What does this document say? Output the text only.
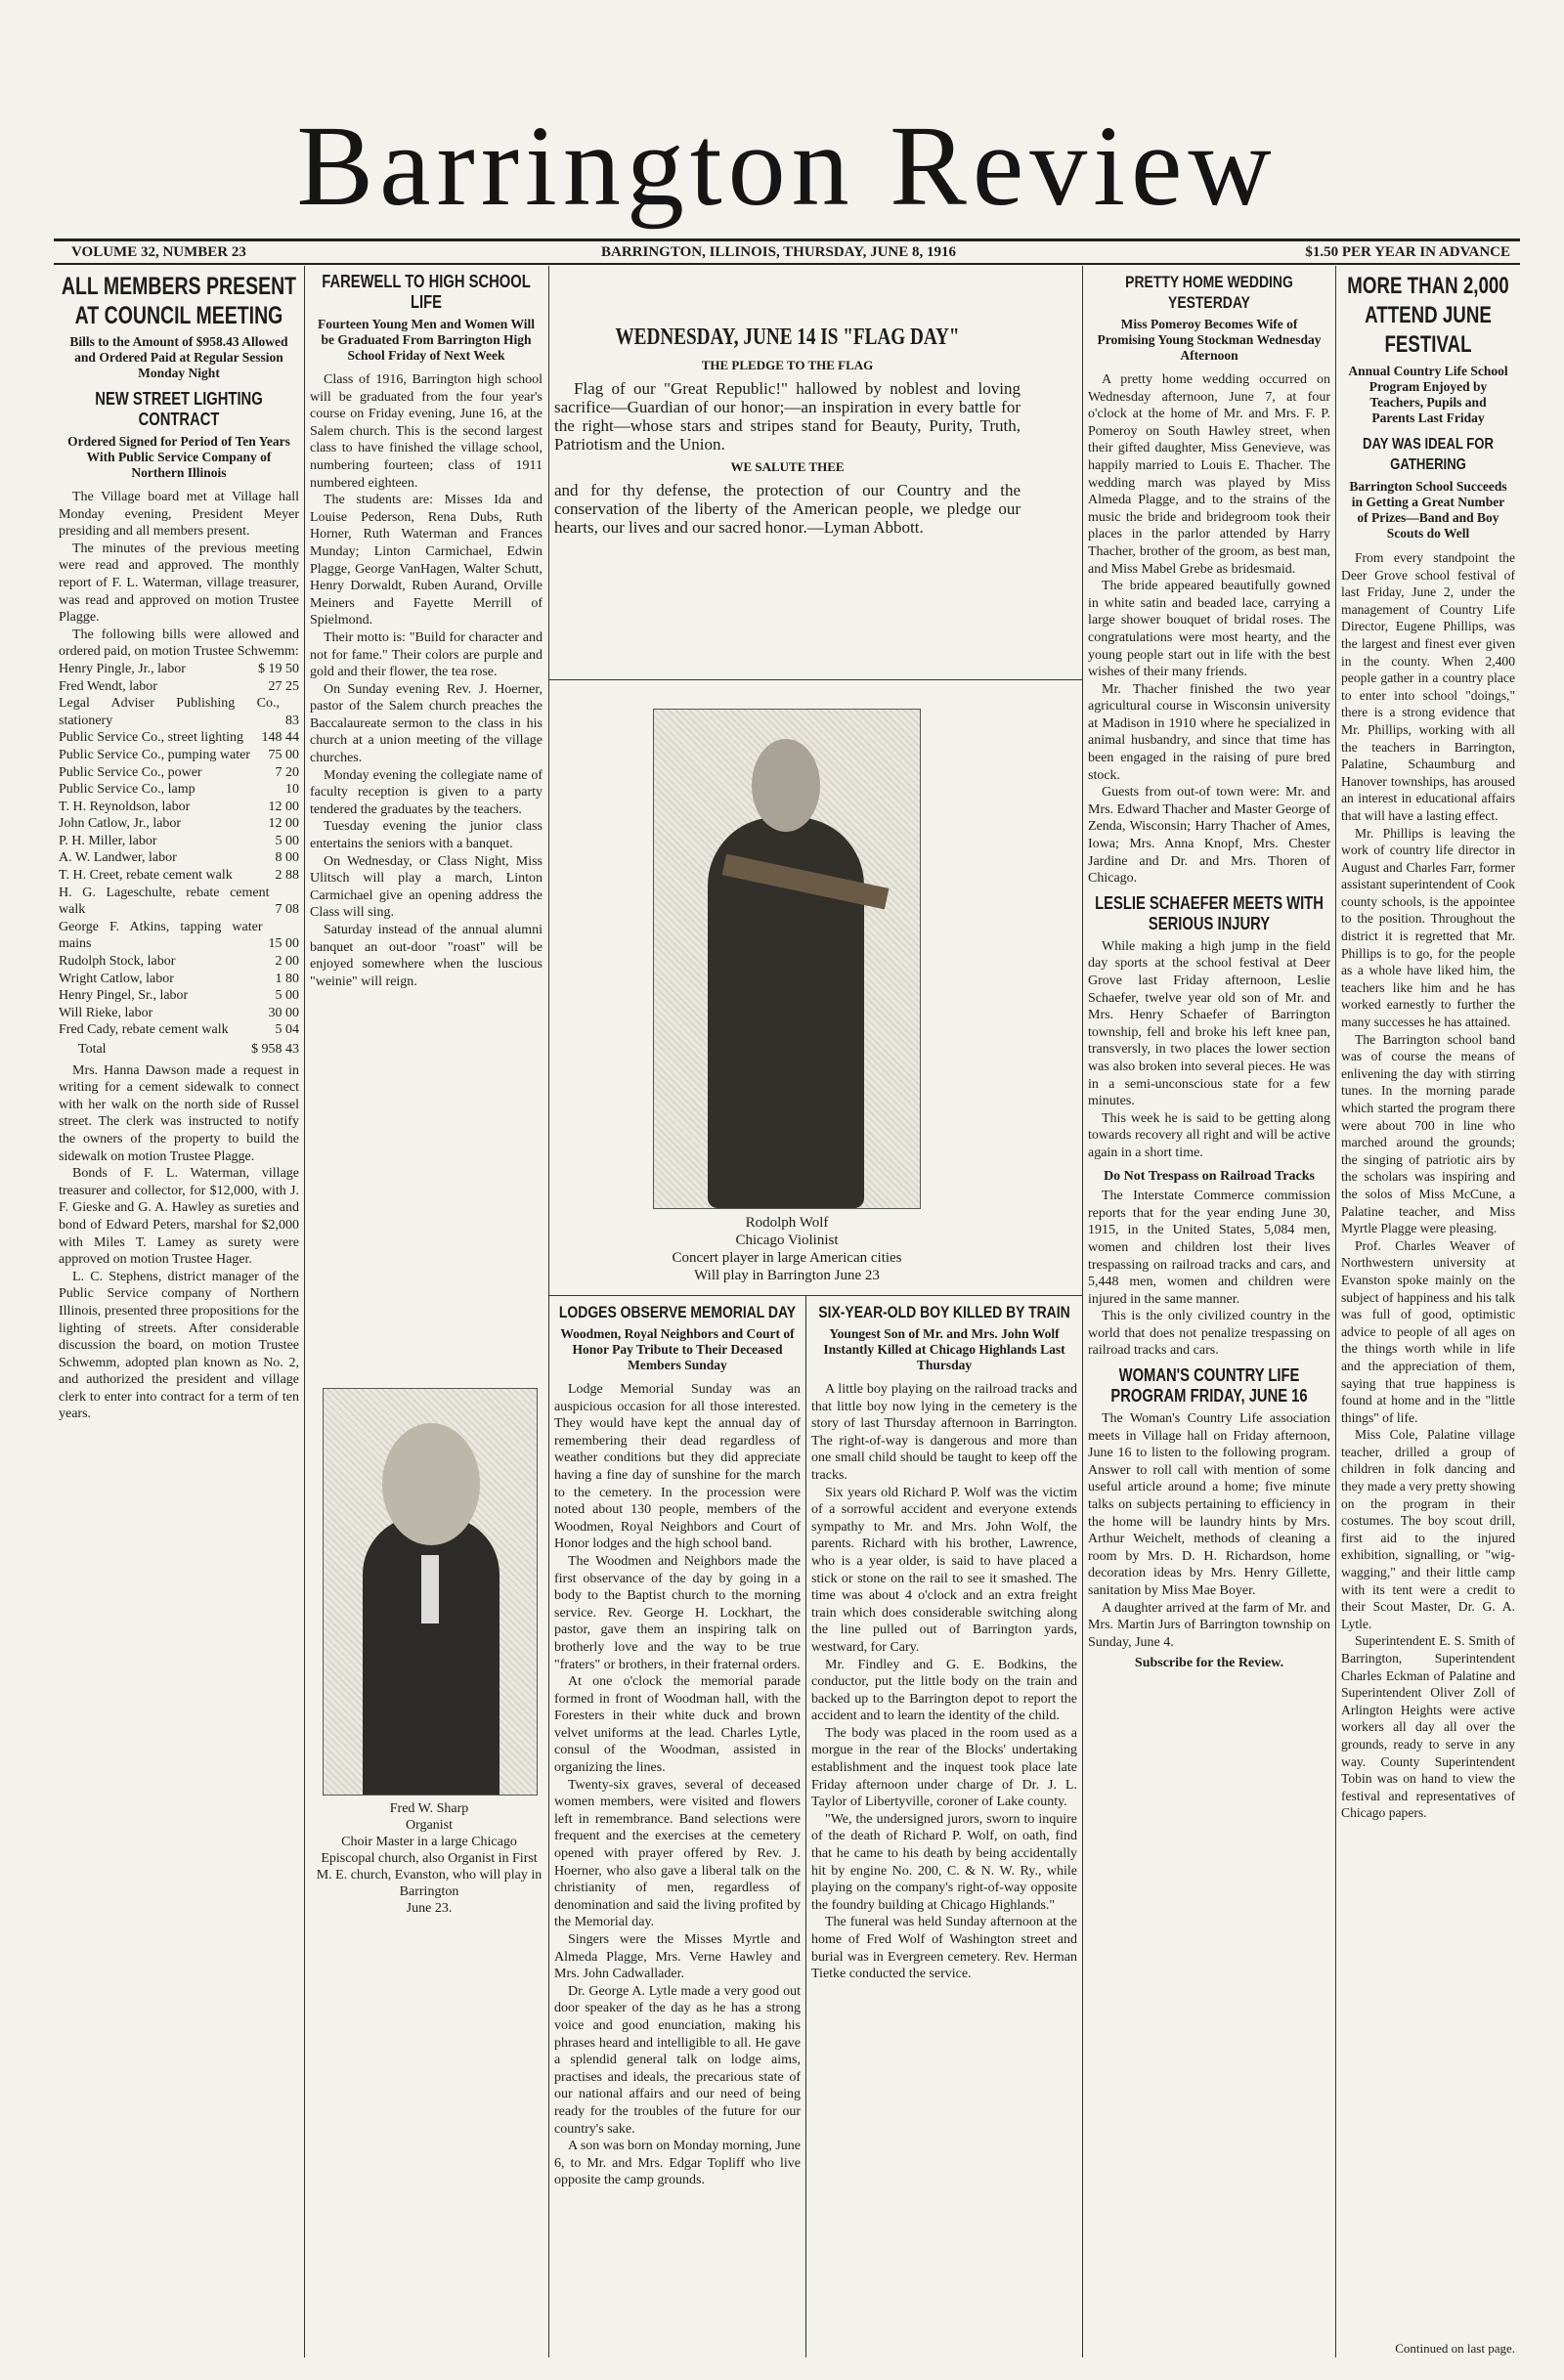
Barrington Review
VOLUME 32, NUMBER 23	BARRINGTON, ILLINOIS, THURSDAY, JUNE 8, 1916	$1.50 PER YEAR IN ADVANCE
ALL MEMBERS PRESENT AT COUNCIL MEETING
Bills to the Amount of $958.43 Allowed and Ordered Paid at Regular Session Monday Night
NEW STREET LIGHTING CONTRACT
Ordered Signed for Period of Ten Years With Public Service Company of Northern Illinois

The Village board met at Village hall Monday evening, President Meyer presiding and all members present.

The minutes of the previous meeting were read and approved. The monthly report of F. L. Waterman, village treasurer, was read and approved on motion Trustee Plagge.

The following bills were allowed and ordered paid, on motion Trustee Schwemm:

Henry Pingle, Jr., labor	$ 19 50
Fred Wendt, labor	27 25
Legal Adviser Publishing Co., stationery	83
Public Service Co., street lighting	148 44
Public Service Co., pumping water	75 00
Public Service Co., power	7 20
Public Service Co., lamp	10
T. H. Reynoldson, labor	12 00
John Catlow, Jr., labor	12 00
P. H. Miller, labor	5 00
A. W. Landwer, labor	8 00
T. H. Creet, rebate cement walk	2 88
H. G. Lageschulte, rebate cement walk	7 08
George F. Atkins, tapping water mains	15 00
Rudolph Stock, labor	2 00
Wright Catlow, labor	1 80
Henry Pingel, Sr., labor	5 00
Will Rieke, labor	30 00
Fred Cady, rebate cement walk	5 04
Total	$ 958 43

Mrs. Hanna Dawson made a request in writing for a cement sidewalk to connect with her walk on the north side of Russel street. The clerk was instructed to notify the owners of the property to build the sidewalk on motion Trustee Plagge.

Bonds of F. L. Waterman, village treasurer and collector, for $12,000, with J. F. Gieske and G. A. Hawley as sureties and bond of Edward Peters, marshal for $2,000 with Miles T. Lamey as surety were approved on motion Trustee Hager.

L. C. Stephens, district manager of the Public Service company of Northern Illinois, presented three propositions for the lighting of streets. After considerable discussion the board, on motion Trustee Schwemm, adopted plan known as No. 2, and authorized the president and village clerk to enter into contract for a term of ten years.

FAREWELL TO HIGH SCHOOL LIFE
Fourteen Young Men and Women Will be Graduated From Barrington High School Friday of Next Week

Class of 1916, Barrington high school will be graduated from the four year's course on Friday evening, June 16, at the Salem church. This is the second largest class to have finished the village school, numbering fourteen; class of 1911 numbered eighteen.

The students are: Misses Ida and Louise Pederson, Rena Dubs, Ruth Horner, Ruth Waterman and Frances Munday; Linton Carmichael, Edwin Plagge, George VanHagen, Walter Schutt, Henry Dorwaldt, Ruben Aurand, Orville Meiners and Fayette Merrill of Spielmond.

Their motto is: "Build for character and not for fame." Their colors are purple and gold and their flower, the tea rose.

On Sunday evening Rev. J. Hoerner, pastor of the Salem church preaches the Baccalaureate sermon to the class in his church at a union meeting of the village churches.

Monday evening the collegiate name of faculty reception is given to a party tendered the graduates by the teachers.

Tuesday evening the junior class entertains the seniors with a banquet.

On Wednesday, or Class Night, Miss Ulitsch will play a march, Linton Carmichael give an opening address the Class will sing.

Saturday instead of the annual alumni banquet an out-door "roast" will be enjoyed somewhere when the luscious "weinie" will reign.

Fred W. Sharp
Organist
Choir Master in a large Chicago Episcopal church, also Organist in First M. E. church, Evanston, who will play in Barrington
June 23.
WEDNESDAY, JUNE 14 IS "FLAG DAY"
THE PLEDGE TO THE FLAG

Flag of our "Great Republic!" hallowed by noblest and loving sacrifice—Guardian of our honor;—an inspiration in every battle for the right—whose stars and stripes stand for Beauty, Purity, Truth, Patriotism and the Union.

WE SALUTE THEE

and for thy defense, the protection of our Country and the conservation of the liberty of the American people, we pledge our hearts, our lives and our sacred honor.—Lyman Abbott.

Rodolph Wolf
Chicago Violinist
Concert player in large American cities
Will play in Barrington June 23
LODGES OBSERVE MEMORIAL DAY
Woodmen, Royal Neighbors and Court of Honor Pay Tribute to Their Deceased Members Sunday

Lodge Memorial Sunday was an auspicious occasion for all those interested. They would have kept the annual day of remembering their dead regardless of weather conditions but they did appreciate having a fine day of sunshine for the march to the cemetery. In the procession were noted about 130 people, members of the Woodmen, Royal Neighbors and Court of Honor lodges and the high school band.

The Woodmen and Neighbors made the first observance of the day by going in a body to the Baptist church to the morning service. Rev. George H. Lockhart, the pastor, gave them an inspiring talk on brotherly love and the way to be true "fraters" or brothers, in their fraternal orders.

At one o'clock the memorial parade formed in front of Woodman hall, with the Foresters in their white duck and brown velvet uniforms at the lead. Charles Lytle, consul of the Woodman, assisted in organizing the lines.

Twenty-six graves, several of deceased women members, were visited and flowers left in remembrance. Band selections were frequent and the exercises at the cemetery opened with prayer offered by Rev. J. Hoerner, who also gave a liberal talk on the christianity of men, regardless of denomination and said the living profited by the Memorial day.

Singers were the Misses Myrtle and Almeda Plagge, Mrs. Verne Hawley and Mrs. John Cadwallader.

Dr. George A. Lytle made a very good out door speaker of the day as he has a strong voice and good enunciation, making his phrases heard and intelligible to all. He gave a splendid general talk on lodge aims, practises and ideals, the precarious state of our national affairs and our need of being ready for the troubles of the future for our country's sake.

A son was born on Monday morning, June 6, to Mr. and Mrs. Edgar Topliff who live opposite the camp grounds.

SIX-YEAR-OLD BOY KILLED BY TRAIN
Youngest Son of Mr. and Mrs. John Wolf Instantly Killed at Chicago Highlands Last Thursday

A little boy playing on the railroad tracks and that little boy now lying in the cemetery is the story of last Thursday afternoon in Barrington. The right-of-way is dangerous and more than one small child should be taught to keep off the tracks.

Six years old Richard P. Wolf was the victim of a sorrowful accident and everyone extends sympathy to Mr. and Mrs. John Wolf, the parents. Richard with his brother, Lawrence, who is a year older, is said to have placed a stick or stone on the rail to see it smashed. The time was about 4 o'clock and an extra freight train which does considerable switching along the line pulled out of Barrington yards, westward, for Cary.

Mr. Findley and G. E. Bodkins, the conductor, put the little body on the train and backed up to the Barrington depot to report the accident and to learn the identity of the child.

The body was placed in the room used as a morgue in the rear of the Blocks' undertaking establishment and the inquest took place late Friday afternoon under charge of Dr. J. L. Taylor of Libertyville, coroner of Lake county.

"We, the undersigned jurors, sworn to inquire of the death of Richard P. Wolf, on oath, find that he came to his death by being accidentally hit by engine No. 200, C. & N. W. Ry., while playing on the company's right-of-way opposite the foundry building at Chicago Highlands."

The funeral was held Sunday afternoon at the home of Fred Wolf of Washington street and burial was in Evergreen cemetery. Rev. Herman Tietke conducted the service.

PRETTY HOME WEDDING YESTERDAY
Miss Pomeroy Becomes Wife of Promising Young Stockman Wednesday Afternoon

A pretty home wedding occurred on Wednesday afternoon, June 7, at four o'clock at the home of Mr. and Mrs. F. P. Pomeroy on South Hawley street, when their gifted daughter, Miss Genevieve, was happily married to Louis E. Thacher. The wedding march was played by Miss Almeda Plagge, and to the strains of the music the bride and bridegroom took their places in the parlor attended by Harry Thacher, brother of the groom, as best man, and Miss Mabel Grebe as bridesmaid.

The bride appeared beautifully gowned in white satin and beaded lace, carrying a large shower bouquet of bridal roses. The congratulations were most hearty, and the young people start out in life with the best wishes of their many friends.

Mr. Thacher finished the two year agricultural course in Wisconsin university at Madison in 1910 where he specialized in animal husbandry, and since that time has been engaged in the raising of pure bred stock.

Guests from out-of town were: Mr. and Mrs. Edward Thacher and Master George of Zenda, Wisconsin; Harry Thacher of Ames, Iowa; Mrs. Anna Knopf, Mrs. Chester Jardine and Dr. and Mrs. Thoren of Chicago.

LESLIE SCHAEFER MEETS WITH SERIOUS INJURY

While making a high jump in the field day sports at the school festival at Deer Grove last Friday afternoon, Leslie Schaefer, twelve year old son of Mr. and Mrs. Henry Schaefer of Barrington township, fell and broke his left knee pan, transversly, in two places the lower section was also broken into several pieces. He was in a semi-unconscious state for a few minutes.

This week he is said to be getting along towards recovery all right and will be active again in a short time.

Do Not Trespass on Railroad Tracks

The Interstate Commerce commission reports that for the year ending June 30, 1915, in the United States, 5,084 men, women and children lost their lives trespassing on railroad tracks and cars, and 5,448 men, women and children were injured in the same manner.

This is the only civilized country in the world that does not penalize trespassing on railroad tracks and cars.

WOMAN'S COUNTRY LIFE PROGRAM FRIDAY, JUNE 16

The Woman's Country Life association meets in Village hall on Friday afternoon, June 16 to listen to the following program. Answer to roll call with mention of some useful article around a home; five minute talks on subjects pertaining to efficiency in the home will be laundry hints by Mrs. Arthur Weichelt, methods of cleaning a room by Mrs. D. H. Richardson, home decoration ideas by Mrs. Henry Gillette, sanitation by Miss Mae Boyer.

A daughter arrived at the farm of Mr. and Mrs. Martin Jurs of Barrington township on Sunday, June 4.

Subscribe for the Review.
MORE THAN 2,000 ATTEND JUNE FESTIVAL
Annual Country Life School Program Enjoyed by Teachers, Pupils and Parents Last Friday
DAY WAS IDEAL FOR GATHERING
Barrington School Succeeds in Getting a Great Number of Prizes—Band and Boy Scouts do Well

From every standpoint the Deer Grove school festival of last Friday, June 2, under the management of Country Life Director, Eugene Phillips, was the largest and finest ever given in the county. When 2,400 people gather in a country place to enter into school "doings," there is a strong evidence that Mr. Phillips, working with all the teachers in Barrington, Palatine, Schaumburg and Hanover townships, has aroused an interest in educational affairs that will have a lasting effect.

Mr. Phillips is leaving the work of country life director in August and Charles Farr, former assistant superintendent of Cook county schools, is the appointee to the position. Throughout the district it is regretted that Mr. Phillips is to go, for the people as a whole have liked him, the teachers like him and he has worked earnestly to further the many successes he has attained.

The Barrington school band was of course the means of enlivening the day with stirring tunes. In the morning parade which started the program there were about 700 in line who marched around the grounds; the singing of patriotic airs by the scholars was inspiring and the solos of Miss McCune, a Palatine teacher, and Miss Myrtle Plagge were pleasing.

Prof. Charles Weaver of Northwestern university at Evanston spoke mainly on the subject of happiness and his talk was full of good, optimistic advice to people of all ages on the things worth while in life and the appreciation of them, saying that true happiness is found at home and in the "little things" of life.

Miss Cole, Palatine village teacher, drilled a group of children in folk dancing and they made a very pretty showing on the program in their costumes. The boy scout drill, first aid to the injured exhibition, signalling, or "wig-wagging," and their little camp with its tent were a credit to their Scout Master, Dr. G. A. Lytle.

Superintendent E. S. Smith of Barrington, Superintendent Charles Eckman of Palatine and Superintendent Oliver Zoll of Arlington Heights were active workers all day all over the grounds, ready to serve in any way. County Superintendent Tobin was on hand to view the festival and representatives of Chicago papers.

Continued on last page.
